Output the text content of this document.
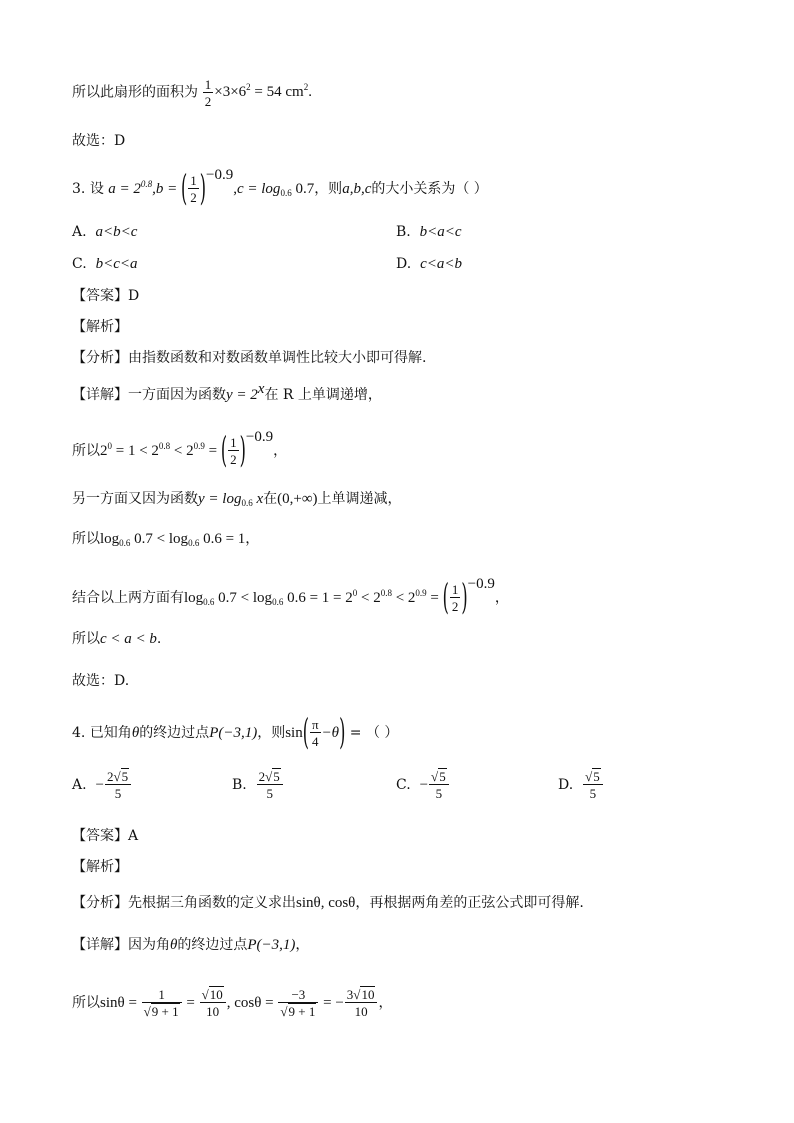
所以此扇形的面积为 $\frac{1}{2} \times 3\times 6^2 = 54$ $cm^2$.
故选：D
3. 设 $a = 2^{0.8},b$ = ( $\frac{1}{2} )^{-0.9},c = \log_{0.6} 0.7$，则a,b,c的大小关系为（ ）
A. a<b<c	B. b<a<c
C. b<c<a	D. c<a<b
【答案】D
【解析】
【分析】由指数函数和对数函数单调性比较大小即可得解.
【详解】一方面因为函数$y = 2^x$在 R 上单调递增，
所以$2^0 = 1 < 2^{0.8} < 2^{0.9}$ = ( $\frac{1}{2} )^{-0.9}$，
另一方面又因为函数$y = \log_{0.6} x$在(0,+∞)上单调递减，
所以$\log_{0.6} 0.7 < \log_{0.6} 0.6 = 1$，
结合以上两方面有$\log_{0.6} 0.7 < \log_{0.6} 0.6 = 1 = 2^0 < 2^{0.8} < 2^{0.9}$ = ( $\frac{1}{2} )^{-0.9}$，
所以c < a < b.
故选：D.
4. 已知角θ的终边过点P(−3,1)，则$\sin( \frac{\pi}{4} -\theta)$ = （ ）
A. − $\frac{2√5}{5}$	B. $\frac{2√5}{5}$	C. − $\frac{√5}{5}$	D. $\frac{√5}{5}$
【答案】A
【解析】
【分析】先根据三角函数的定义求出sinθ, cosθ，再根据两角差的正弦公式即可得解.
【详解】因为角θ的终边过点P(−3,1)，
所以$\sin\theta = \frac{1}{√9 + 1} = \frac{√10}{10}$ , $\cos\theta = \frac{-3}{√9 + 1}$ = − $\frac{3√10}{10}$ ，
